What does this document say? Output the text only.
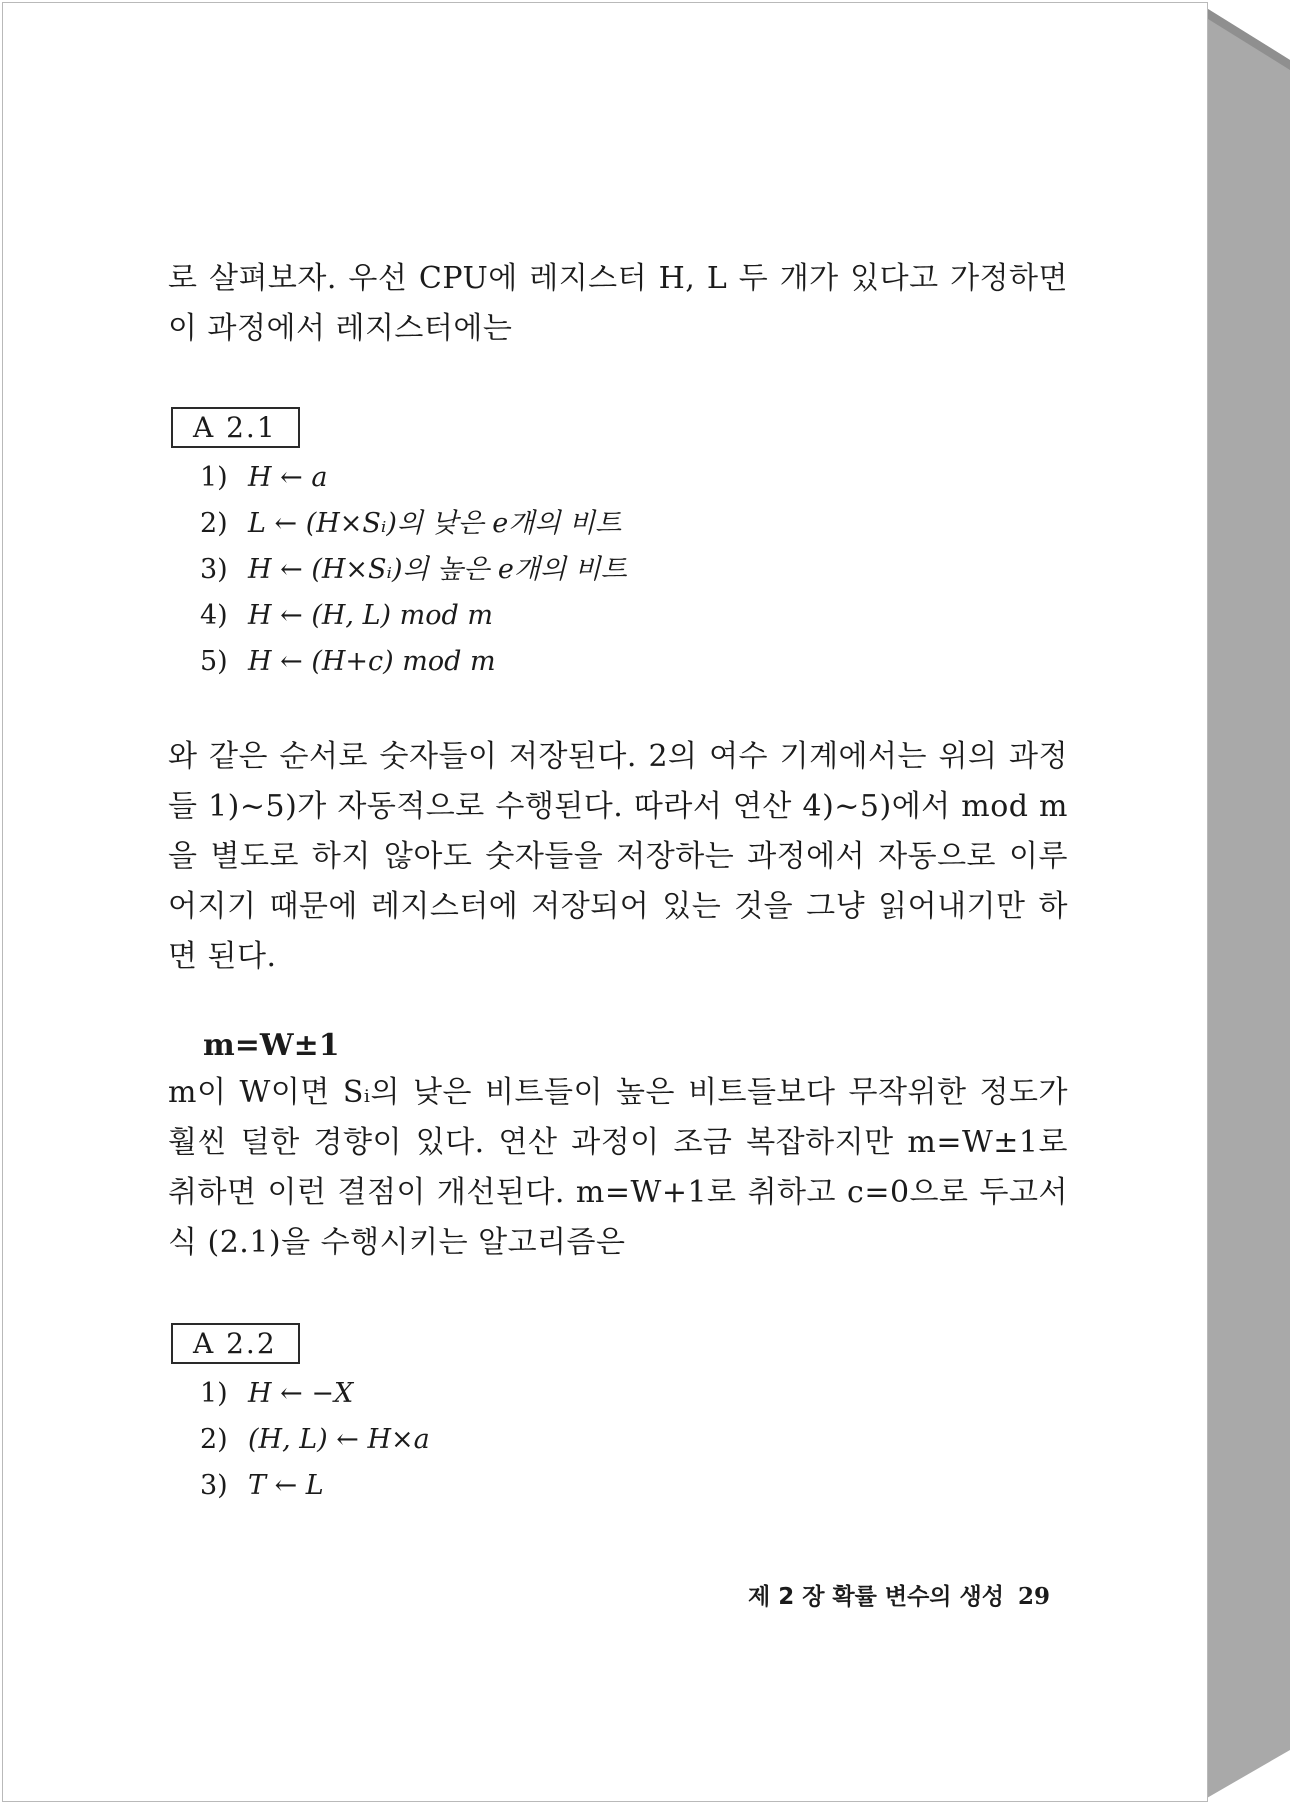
로 살펴보자. 우선 CPU에 레지스터 H, L 두 개가 있다고 가정하면 이 과정에서 레지스터에는
A 2.1
1) H ← a
2) L ← (H×Sᵢ)의 낮은 e개의 비트
3) H ← (H×Sᵢ)의 높은 e개의 비트
4) H ← (H, L) mod m
5) H ← (H+c) mod m
와 같은 순서로 숫자들이 저장된다. 2의 여수 기계에서는 위의 과정들 1)~5)가 자동적으로 수행된다. 따라서 연산 4)~5)에서 mod m을 별도로 하지 않아도 숫자들을 저장하는 과정에서 자동으로 이루어지기 때문에 레지스터에 저장되어 있는 것을 그냥 읽어내기만 하면 된다.
m=W±1
m이 W이면 Sᵢ의 낮은 비트들이 높은 비트들보다 무작위한 정도가 훨씬 덜한 경향이 있다. 연산 과정이 조금 복잡하지만 m=W±1로 취하면 이런 결점이 개선된다. m=W+1로 취하고 c=0으로 두고서 식 (2.1)을 수행시키는 알고리즘은
A 2.2
1) H ← −X
2) (H, L) ← H×a
3) T ← L
제 2 장 확률 변수의 생성 29
